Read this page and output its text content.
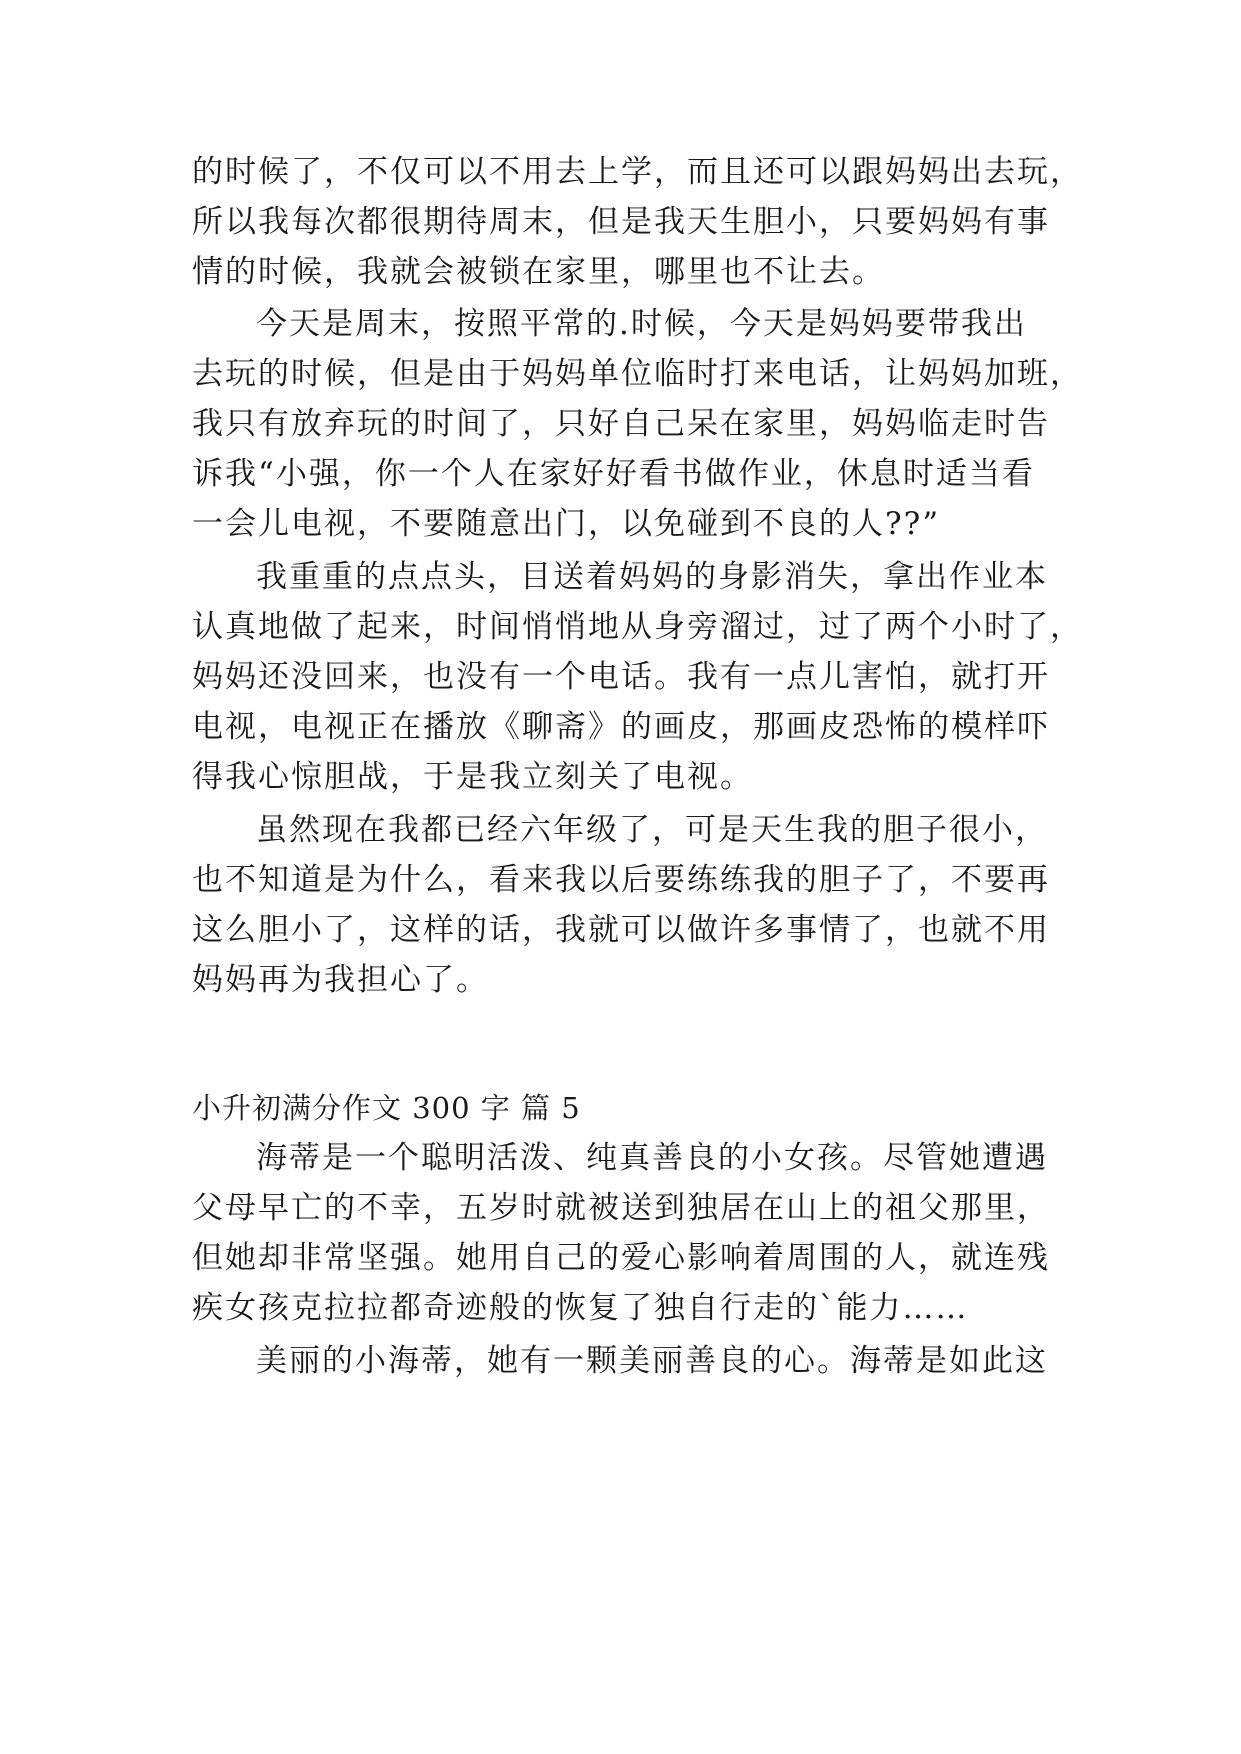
的时候了，不仅可以不用去上学，而且还可以跟妈妈出去玩，
所以我每次都很期待周末，但是我天生胆小，只要妈妈有事
情的时候，我就会被锁在家里，哪里也不让去。
今天是周末，按照平常的.时候，今天是妈妈要带我出
去玩的时候，但是由于妈妈单位临时打来电话，让妈妈加班，
我只有放弃玩的时间了，只好自己呆在家里，妈妈临走时告
诉我“小强，你一个人在家好好看书做作业，休息时适当看
一会儿电视，不要随意出门，以免碰到不良的人??”
我重重的点点头，目送着妈妈的身影消失，拿出作业本
认真地做了起来，时间悄悄地从身旁溜过，过了两个小时了，
妈妈还没回来，也没有一个电话。我有一点儿害怕，就打开
电视，电视正在播放《聊斋》的画皮，那画皮恐怖的模样吓
得我心惊胆战，于是我立刻关了电视。
虽然现在我都已经六年级了，可是天生我的胆子很小，
也不知道是为什么，看来我以后要练练我的胆子了，不要再
这么胆小了，这样的话，我就可以做许多事情了，也就不用
妈妈再为我担心了。
小升初满分作文 300 字 篇 5
海蒂是一个聪明活泼、纯真善良的小女孩。尽管她遭遇
父母早亡的不幸，五岁时就被送到独居在山上的祖父那里，
但她却非常坚强。她用自己的爱心影响着周围的人，就连残
疾女孩克拉拉都奇迹般的恢复了独自行走的`能力……
美丽的小海蒂，她有一颗美丽善良的心。海蒂是如此这
